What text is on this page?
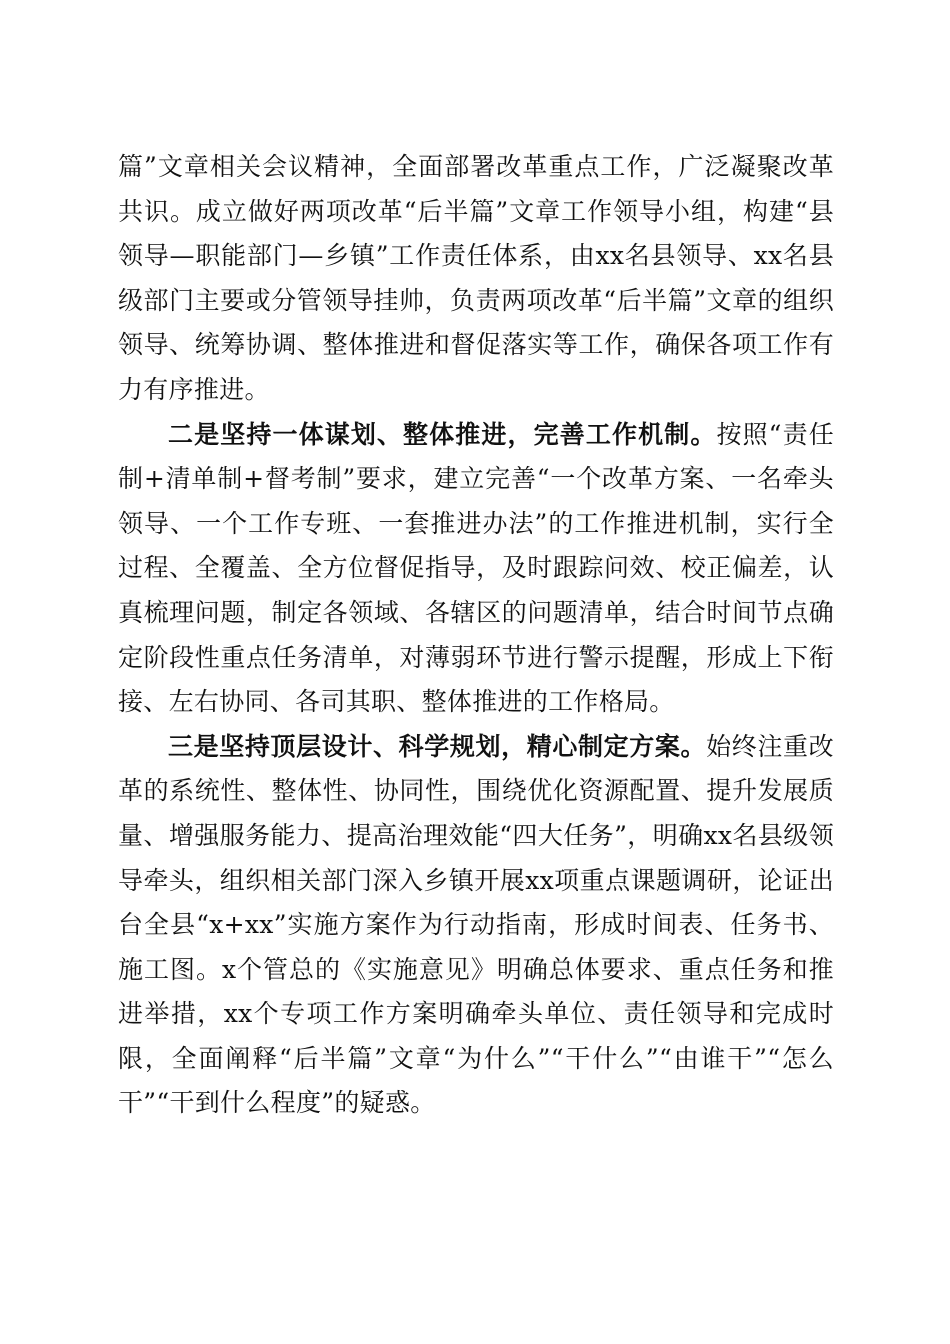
篇”文章相关会议精神，全面部署改革重点工作，广泛凝聚改革共识。成立做好两项改革“后半篇”文章工作领导小组，构建“县领导—职能部门—乡镇”工作责任体系，由xx名县领导、xx名县级部门主要或分管领导挂帅，负责两项改革“后半篇”文章的组织领导、统筹协调、整体推进和督促落实等工作，确保各项工作有力有序推进。

二是坚持一体谋划、整体推进，完善工作机制。按照“责任制+清单制+督考制”要求，建立完善“一个改革方案、一名牵头领导、一个工作专班、一套推进办法”的工作推进机制，实行全过程、全覆盖、全方位督促指导，及时跟踪问效、校正偏差，认真梳理问题，制定各领域、各辖区的问题清单，结合时间节点确定阶段性重点任务清单，对薄弱环节进行警示提醒，形成上下衔接、左右协同、各司其职、整体推进的工作格局。

三是坚持顶层设计、科学规划，精心制定方案。始终注重改革的系统性、整体性、协同性，围绕优化资源配置、提升发展质量、增强服务能力、提高治理效能“四大任务”，明确xx名县级领导牵头，组织相关部门深入乡镇开展xx项重点课题调研，论证出台全县“x+xx”实施方案作为行动指南，形成时间表、任务书、施工图。x个管总的《实施意见》明确总体要求、重点任务和推进举措，xx个专项工作方案明确牵头单位、责任领导和完成时限，全面阐释“后半篇”文章“为什么”“干什么”“由谁干”“怎么干”“干到什么程度”的疑惑。
